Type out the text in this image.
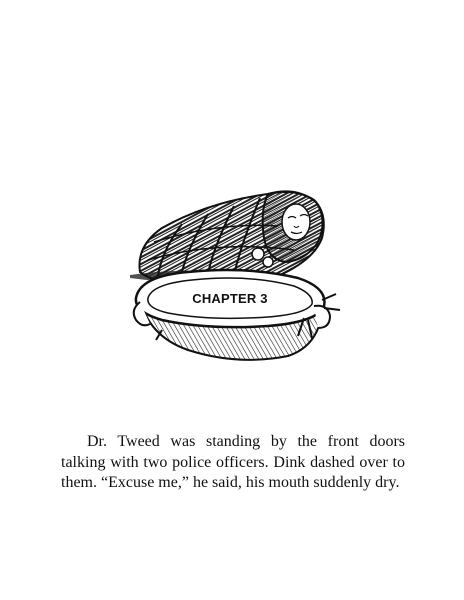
CHAPTER 3

Dr. Tweed was standing by the front doors talking with two police officers. Dink dashed over to them. “Excuse me,” he said, his mouth suddenly dry.
